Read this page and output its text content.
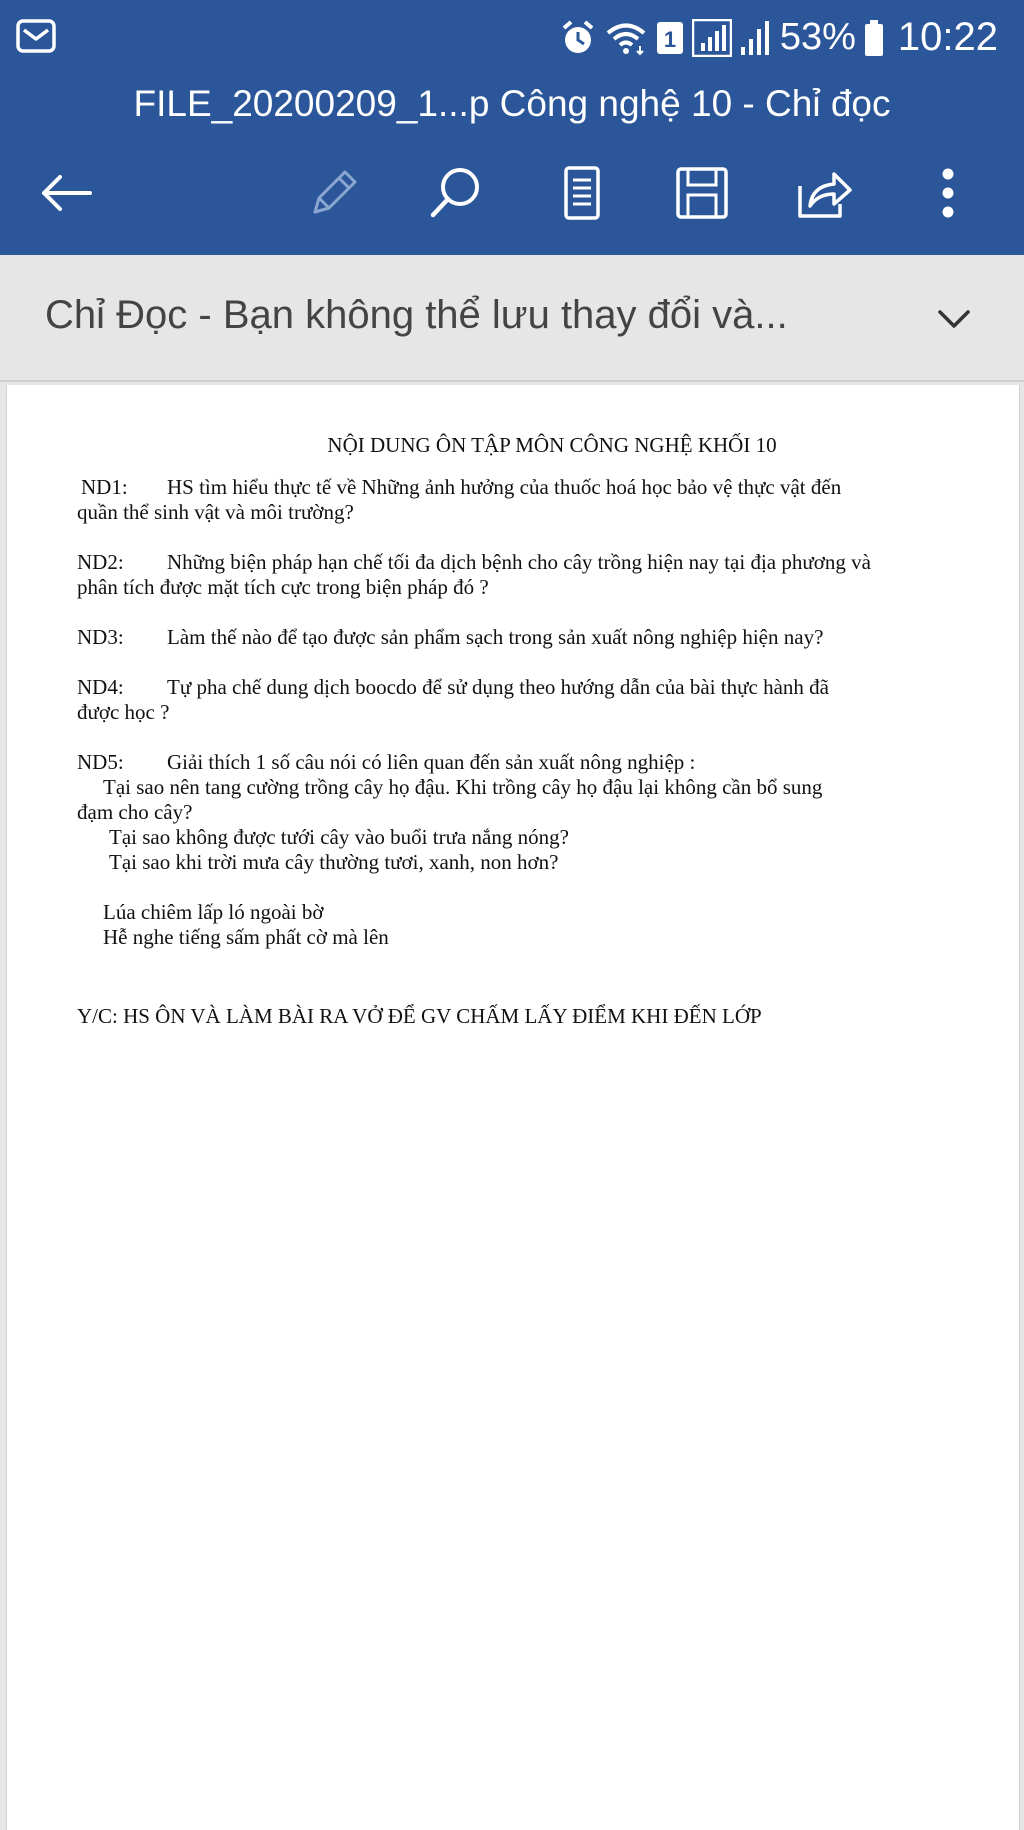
1	53% 10:22
FILE_20200209_1...p Công nghệ 10 - Chỉ đọc
Chỉ Đọc - Bạn không thể lưu thay đổi và...

NỘI DUNG ÔN TẬP MÔN CÔNG NGHỆ KHỐI 10

ND1: HS tìm hiểu thực tế về Những ảnh hưởng của thuốc hoá học bảo vệ thực vật đến

quần thể sinh vật và môi trường?

ND2: Những biện pháp hạn chế tối đa dịch bệnh cho cây trồng hiện nay tại địa phương và

phân tích được mặt tích cực trong biện pháp đó ?

ND3: Làm thế nào để tạo được sản phẩm sạch trong sản xuất nông nghiệp hiện nay?

ND4: Tự pha chế dung dịch boocdo để sử dụng theo hướng dẫn của bài thực hành đã

được học ?

ND5: Giải thích 1 số câu nói có liên quan đến sản xuất nông nghiệp :

Tại sao nên tang cường trồng cây họ đậu. Khi trồng cây họ đậu lại không cần bổ sung

đạm cho cây?

Tại sao không được tưới cây vào buổi trưa nắng nóng?

Tại sao khi trời mưa cây thường tươi, xanh, non hơn?

Lúa chiêm lấp ló ngoài bờ

Hễ nghe tiếng sấm phất cờ mà lên

Y/C: HS ÔN VÀ LÀM BÀI RA VỞ ĐỂ GV CHẤM LẤY ĐIỂM KHI ĐẾN LỚP
